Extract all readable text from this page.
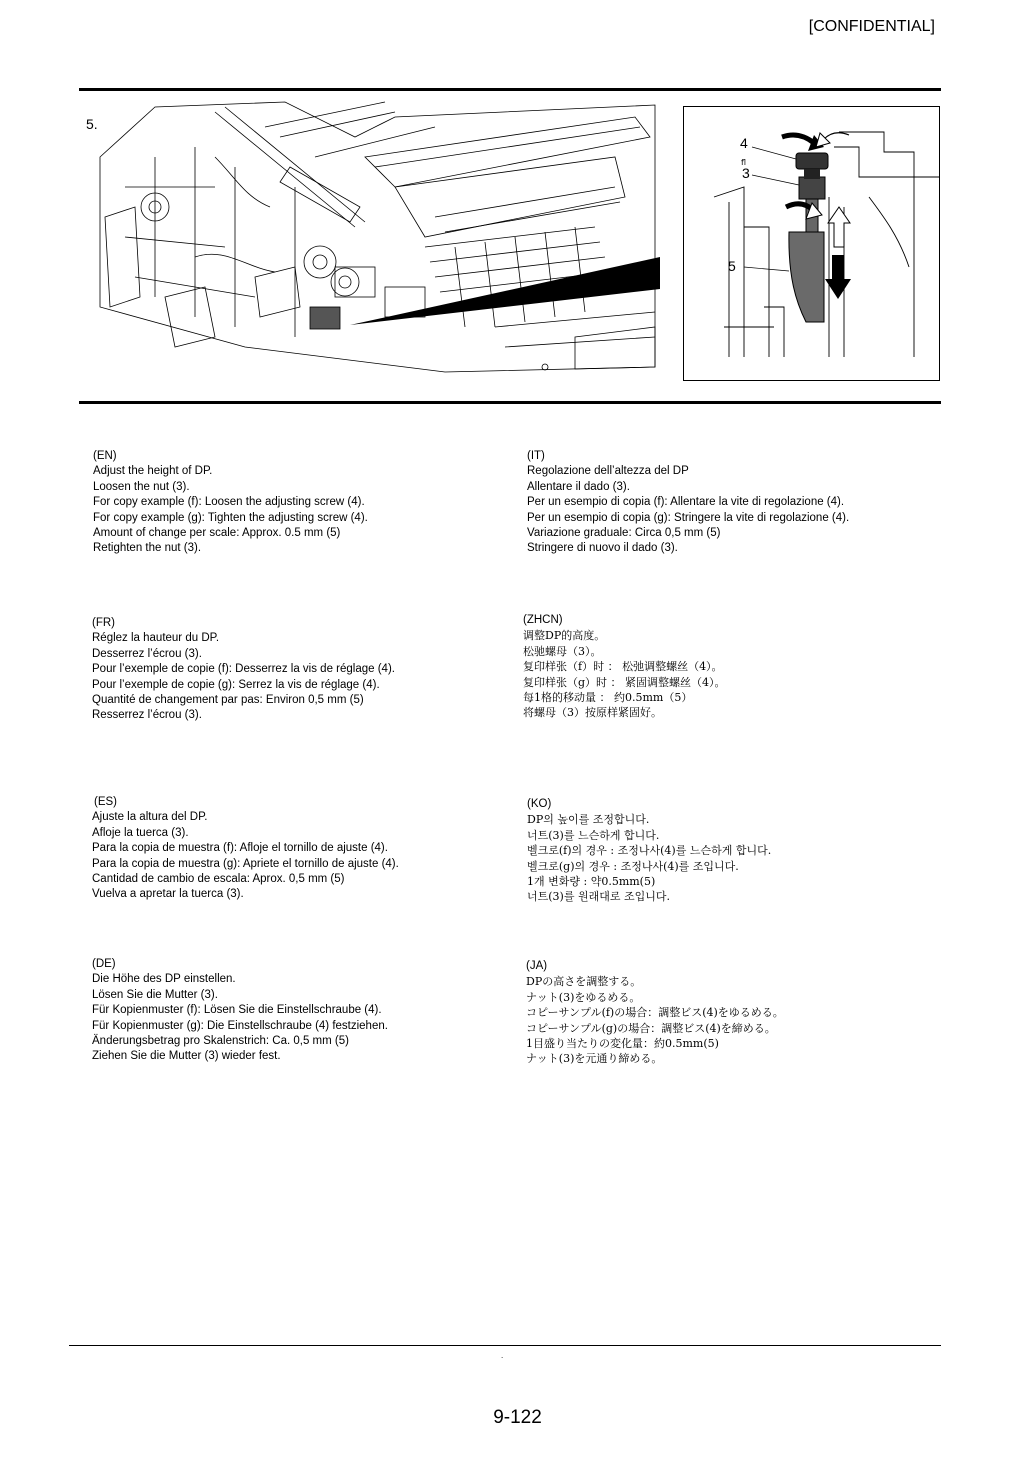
[CONFIDENTIAL]
5.
fl
4
3
5
(EN)
Adjust the height of DP.
Loosen the nut (3).
For copy example (f): Loosen the adjusting screw (4).
For copy example (g): Tighten the adjusting screw (4).
Amount of change per scale: Approx. 0.5 mm (5)
Retighten the nut (3).
(IT)
Regolazione dell’altezza del DP
Allentare il dado (3).
Per un esempio di copia (f): Allentare la vite di regolazione (4).
Per un esempio di copia (g): Stringere la vite di regolazione (4).
Variazione graduale: Circa 0,5 mm (5)
Stringere di nuovo il dado (3).
(FR)
Réglez la hauteur du DP.
Desserrez l’écrou (3).
Pour l’exemple de copie (f): Desserrez la vis de réglage (4).
Pour l’exemple de copie (g): Serrez la vis de réglage (4).
Quantité de changement par pas: Environ 0,5 mm (5)
Resserrez l’écrou (3).
(ZHCN)
调整DP的高度。
松驰螺母（3）。
复印样张（f）时 ： 松弛调整螺丝（4）。
复印样张（g）时 ： 紧固调整螺丝（4）。
每1格的移动量 ： 约0.5mm（5）
将螺母（3）按原样紧固好。
(ES)
Ajuste la altura del DP.
Afloje la tuerca (3).
Para la copia de muestra (f): Afloje el tornillo de ajuste (4).
Para la copia de muestra (g): Apriete el tornillo de ajuste (4).
Cantidad de cambio de escala: Aprox. 0,5 mm (5)
Vuelva a apretar la tuerca (3).
(KO)
DP의 높이를 조정합니다.
너트(3)를 느슨하게 합니다.
벨크로(f)의 경우 : 조정나사(4)를 느슨하게 합니다.
벨크로(g)의 경우 : 조정나사(4)를 조입니다.
1개 변화량 : 약0.5mm(5)
너트(3)를 원래대로 조입니다.
(DE)
Die Höhe des DP einstellen.
Lösen Sie die Mutter (3).
Für Kopienmuster (f): Lösen Sie die Einstellschraube (4).
Für Kopienmuster (g): Die Einstellschraube (4) festziehen.
Änderungsbetrag pro Skalenstrich: Ca. 0,5 mm (5)
Ziehen Sie die Mutter (3) wieder fest.
(JA)
DPの高さを調整する。
ナット(3)をゆるめる。
コピーサンプル(f)の場合：調整ビス(4)をゆるめる。
コピーサンプル(g)の場合：調整ビス(4)を締める。
1目盛り当たりの変化量：約0.5mm(5)
ナット(3)を元通り締める。
.
9-122
